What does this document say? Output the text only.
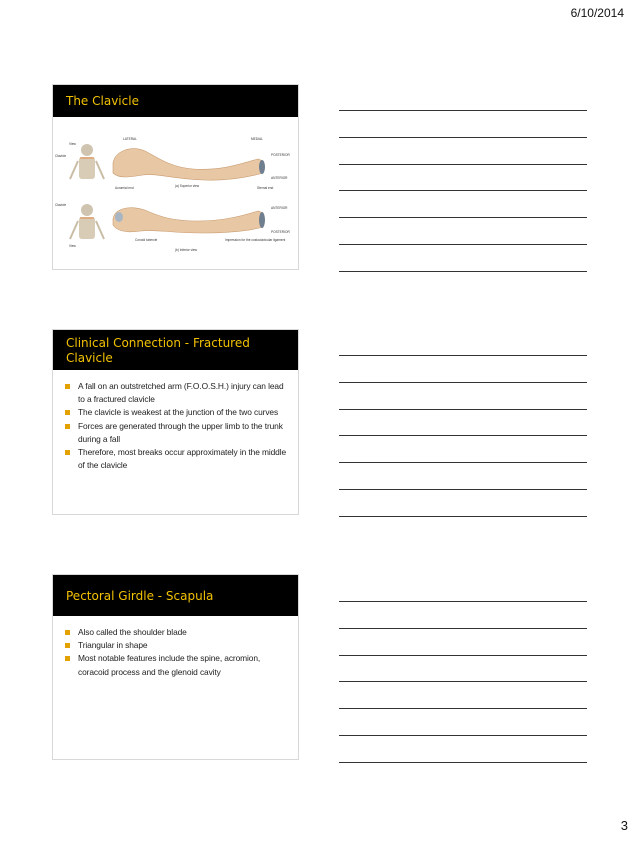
6/10/2014
The Clavicle
LATERAL	MEDIAL
POSTERIOR
ANTERIOR
ANTERIOR
POSTERIOR
Acromial end	Sternal end
(a) Superior view
(b) Inferior view
Conoid tubercle	Impression for the costoclavicular ligament
View
Clavicle
Clavicle
View
Clinical Connection - Fractured Clavicle
A fall on an outstretched arm (F.O.O.S.H.) injury can lead to a fractured clavicle
The clavicle is weakest at the junction of the two curves
Forces are generated through the upper limb to the trunk during a fall
Therefore, most breaks occur approximately in the middle of the clavicle
Pectoral Girdle - Scapula
Also called the shoulder blade
Triangular in shape
Most notable features include the spine, acromion, coracoid process and the glenoid cavity
3
